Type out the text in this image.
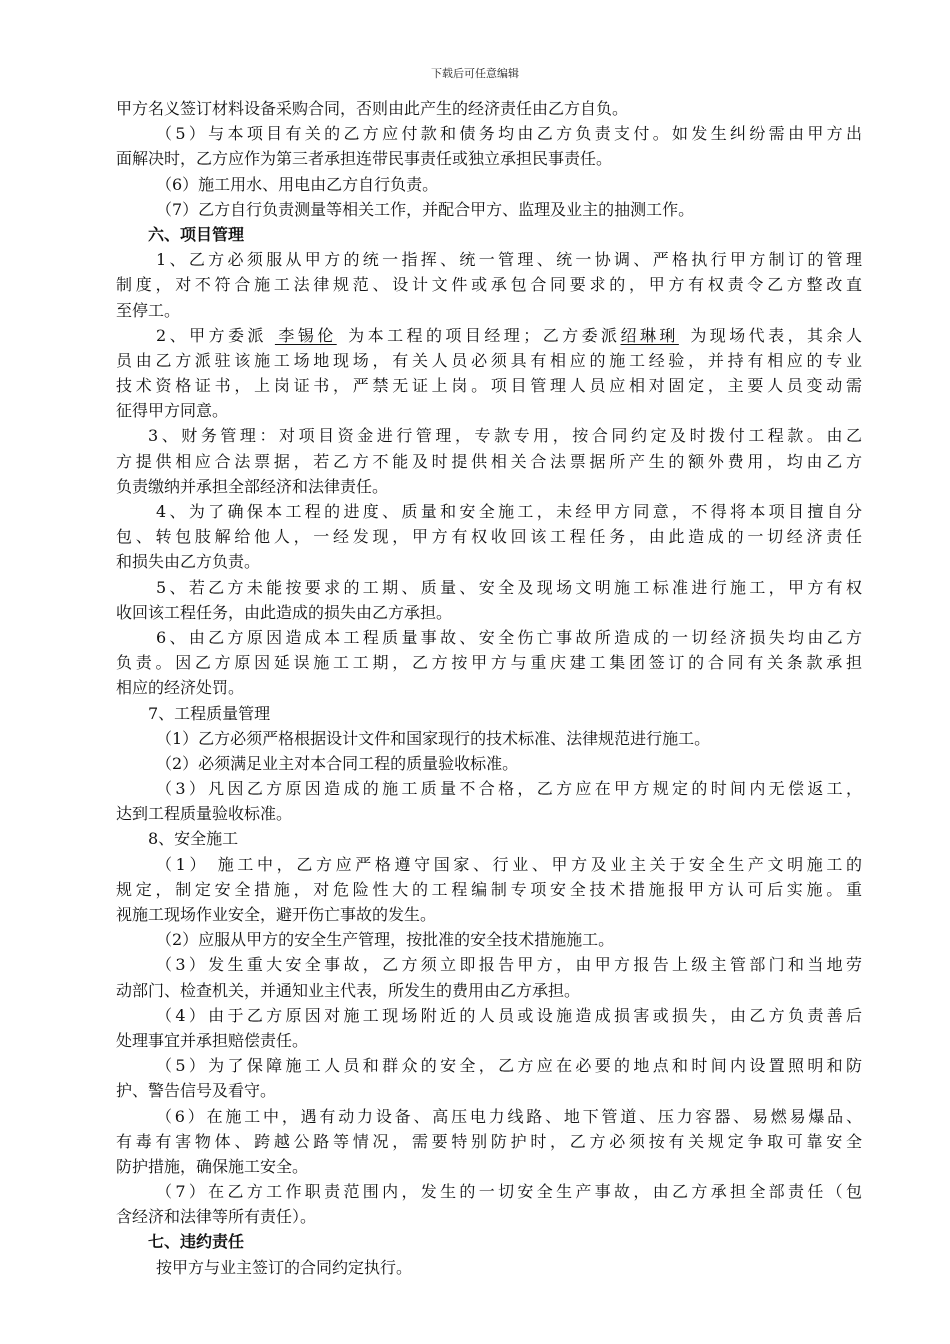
下载后可任意编辑
甲方名义签订材料设备采购合同，否则由此产生的经济责任由乙方自负。
（5）与本项目有关的乙方应付款和债务均由乙方负责支付。如发生纠纷需由甲方出
面解决时，乙方应作为第三者承担连带民事责任或独立承担民事责任。
（6）施工用水、用电由乙方自行负责。
（7）乙方自行负责测量等相关工作，并配合甲方、监理及业主的抽测工作。
六、项目管理
1、乙方必须服从甲方的统一指挥、统一管理、统一协调、严格执行甲方制订的管理
制度，对不符合施工法律规范、设计文件或承包合同要求的，甲方有权责令乙方整改直
至停工。
2、甲方委派 李锡伦 为本工程的项目经理；乙方委派绍琳琍 为现场代表，其余人
员由乙方派驻该施工场地现场，有关人员必须具有相应的施工经验，并持有相应的专业
技术资格证书，上岗证书，严禁无证上岗。项目管理人员应相对固定，主要人员变动需
征得甲方同意。
3、财务管理：对项目资金进行管理，专款专用，按合同约定及时拨付工程款。由乙
方提供相应合法票据，若乙方不能及时提供相关合法票据所产生的额外费用，均由乙方
负责缴纳并承担全部经济和法律责任。
4、为了确保本工程的进度、质量和安全施工，未经甲方同意，不得将本项目擅自分
包、转包肢解给他人，一经发现，甲方有权收回该工程任务，由此造成的一切经济责任
和损失由乙方负责。
5、若乙方未能按要求的工期、质量、安全及现场文明施工标准进行施工，甲方有权
收回该工程任务，由此造成的损失由乙方承担。
6、由乙方原因造成本工程质量事故、安全伤亡事故所造成的一切经济损失均由乙方
负责。因乙方原因延误施工工期，乙方按甲方与重庆建工集团签订的合同有关条款承担
相应的经济处罚。
7、工程质量管理
（1）乙方必须严格根据设计文件和国家现行的技术标准、法律规范进行施工。
（2）必须满足业主对本合同工程的质量验收标准。
（3）凡因乙方原因造成的施工质量不合格，乙方应在甲方规定的时间内无偿返工，
达到工程质量验收标准。
8、安全施工
（1） 施工中，乙方应严格遵守国家、行业、甲方及业主关于安全生产文明施工的
规定，制定安全措施，对危险性大的工程编制专项安全技术措施报甲方认可后实施。重
视施工现场作业安全，避开伤亡事故的发生。
（2）应服从甲方的安全生产管理，按批准的安全技术措施施工。
（3）发生重大安全事故，乙方须立即报告甲方，由甲方报告上级主管部门和当地劳
动部门、检查机关，并通知业主代表，所发生的费用由乙方承担。
（4）由于乙方原因对施工现场附近的人员或设施造成损害或损失，由乙方负责善后
处理事宜并承担赔偿责任。
（5）为了保障施工人员和群众的安全，乙方应在必要的地点和时间内设置照明和防
护、警告信号及看守。
（6）在施工中，遇有动力设备、高压电力线路、地下管道、压力容器、易燃易爆品、
有毒有害物体、跨越公路等情况，需要特别防护时，乙方必须按有关规定争取可靠安全
防护措施，确保施工安全。
（7）在乙方工作职责范围内，发生的一切安全生产事故，由乙方承担全部责任（包
含经济和法律等所有责任）。
七、违约责任
按甲方与业主签订的合同约定执行。
